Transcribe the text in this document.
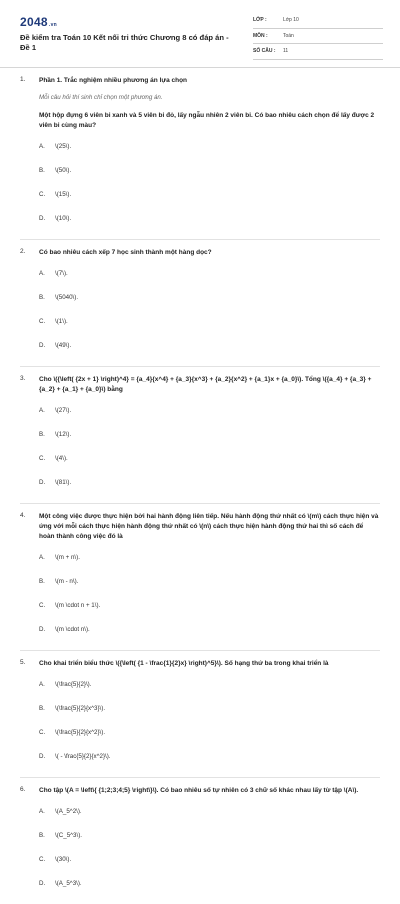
2048.vn
Đề kiểm tra Toán 10 Kết nối tri thức Chương 8 có đáp án - Đề 1
LỚP :	Lớp 10
MÔN :	Toán
SỐ CÂU :	11
1. Phần 1. Trắc nghiệm nhiều phương án lựa chọn
Mỗi câu hỏi thí sinh chỉ chọn một phương án.
Một hộp đựng 6 viên bi xanh và 5 viên bi đỏ, lấy ngẫu nhiên 2 viên bi. Có bao nhiêu cách chọn để lấy được 2 viên bi cùng màu?
A.	\(25\).
B.	\(50\).
C.	\(15\).
D.	\(10\).
2. Có bao nhiêu cách xếp 7 học sinh thành một hàng dọc?
A.	\(7\).
B.	\(5040\).
C.	\(1\).
D.	\(49\).
3. Cho \({\left( {2x + 1} \right)^4} = {a_4}{x^4} + {a_3}{x^3} + {a_2}{x^2} + {a_1}x + {a_0}\). Tổng \({a_4} + {a_3} + {a_2} + {a_1} + {a_0}\) bằng
A.	\(27\).
B.	\(12\).
C.	\(4\).
D.	\(81\).
4. Một công việc được thực hiện bởi hai hành động liên tiếp. Nếu hành động thứ nhất có \(m\) cách thực hiện và ứng với mỗi cách thực hiện hành động thứ nhất có \(n\) cách thực hiện hành động thứ hai thì số cách để hoàn thành công việc đó là
A.	\(m + n\).
B.	\(m - n\).
C.	\(m \cdot n + 1\).
D.	\(m \cdot n\).
5. Cho khai triển biểu thức \({\left( {1 - \frac{1}{2}x} \right)^5}\). Số hạng thứ ba trong khai triển là
A.	\(\frac{5}{2}\).
B.	\(\frac{5}{2}{x^3}\).
C.	\(\frac{5}{2}{x^2}\).
D.	\( - \frac{5}{2}{x^2}\).
6. Cho tập \(A = \left\{ {1;2;3;4;5} \right\}\). Có bao nhiêu số tự nhiên có 3 chữ số khác nhau lấy từ tập \(A\).
A.	\(A_5^2\).
B.	\(C_5^3\).
C.	\(30\).
D.	\(A_5^3\).
